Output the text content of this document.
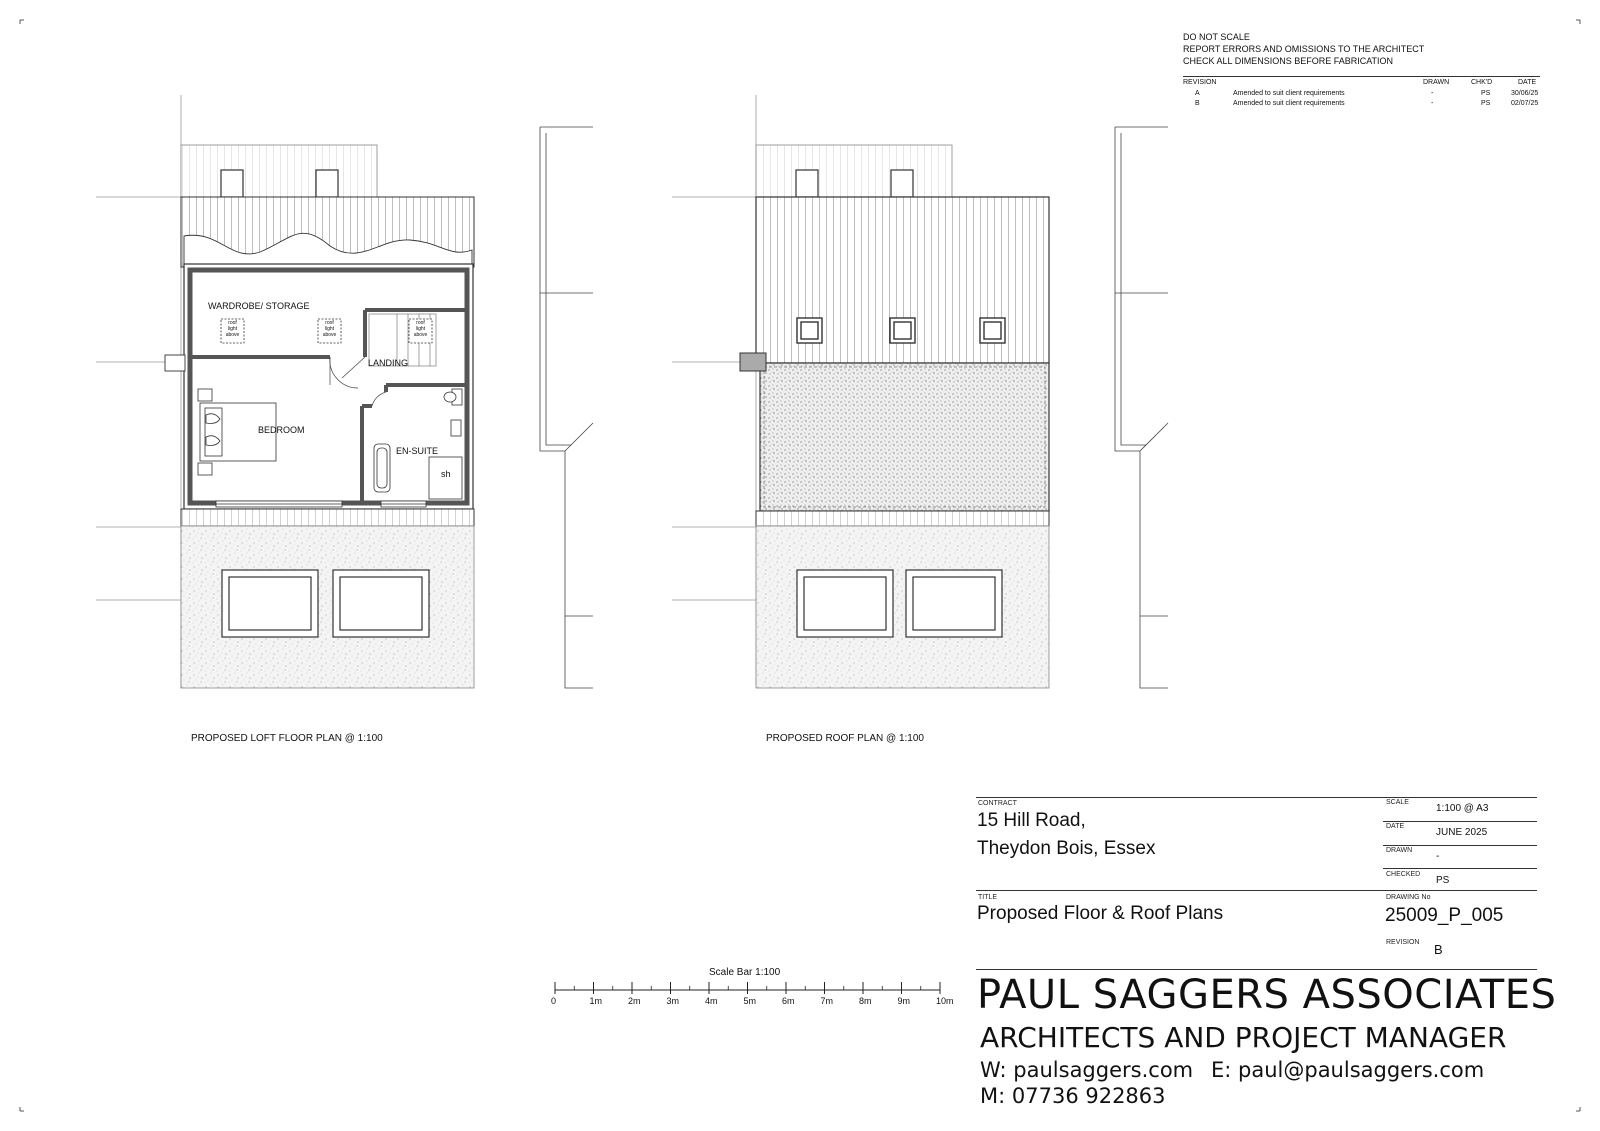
DO NOT SCALE
REPORT ERRORS AND OMISSIONS TO THE ARCHITECT
CHECK ALL DIMENSIONS BEFORE FABRICATION
REVISION	DRAWN	CHK'D	DATE
A	Amended to suit client requirements	-	PS	30/06/25
B	Amended to suit client requirements	-	PS	02/07/25
WARDROBE/ STORAGE
LANDING
BEDROOM
EN-SUITE
sh
roof
light
above
roof
light
above
roof
light
above
PROPOSED LOFT FLOOR PLAN @ 1:100	PROPOSED ROOF PLAN @ 1:100
Scale Bar 1:100
0	1m	2m	3m	4m	5m	6m	7m	8m	9m	10m
CONTRACT
15 Hill Road,
Theydon Bois, Essex
TITLE
Proposed Floor & Roof Plans
SCALE
1:100 @ A3
DATE
JUNE 2025
DRAWN
-
CHECKED
PS
DRAWING No
25009_P_005
REVISION B
PAUL SAGGERS ASSOCIATES
ARCHITECTS AND PROJECT MANAGER
W: paulsaggers.com E: paul@paulsaggers.com
M: 07736 922863
